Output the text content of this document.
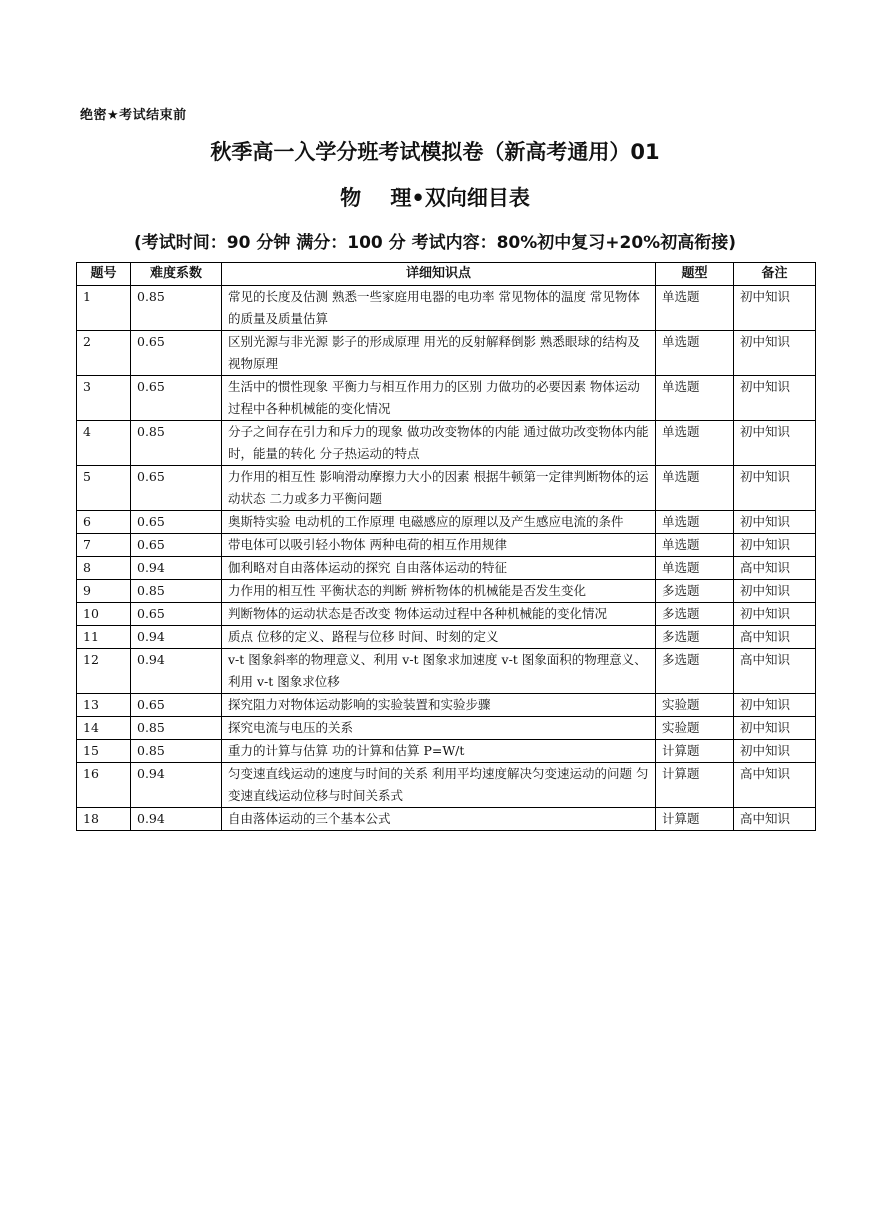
绝密★考试结束前
秋季高一入学分班考试模拟卷（新高考通用）01
物    理•双向细目表
(考试时间：90 分钟 满分：100 分 考试内容：80%初中复习+20%初高衔接)
题号	难度系数	详细知识点	题型	备注
1	0.85	常见的长度及估测 熟悉一些家庭用电器的电功率 常见物体的温度 常见物体的质量及质量估算	单选题	初中知识
2	0.65	区别光源与非光源 影子的形成原理 用光的反射解释倒影 熟悉眼球的结构及视物原理	单选题	初中知识
3	0.65	生活中的惯性现象 平衡力与相互作用力的区别 力做功的必要因素 物体运动过程中各种机械能的变化情况	单选题	初中知识
4	0.85	分子之间存在引力和斥力的现象 做功改变物体的内能 通过做功改变物体内能时，能量的转化 分子热运动的特点	单选题	初中知识
5	0.65	力作用的相互性 影响滑动摩擦力大小的因素 根据牛顿第一定律判断物体的运动状态 二力或多力平衡问题	单选题	初中知识
6	0.65	奥斯特实验 电动机的工作原理 电磁感应的原理以及产生感应电流的条件	单选题	初中知识
7	0.65	带电体可以吸引轻小物体 两种电荷的相互作用规律	单选题	初中知识
8	0.94	伽利略对自由落体运动的探究 自由落体运动的特征	单选题	高中知识
9	0.85	力作用的相互性 平衡状态的判断 辨析物体的机械能是否发生变化	多选题	初中知识
10	0.65	判断物体的运动状态是否改变 物体运动过程中各种机械能的变化情况	多选题	初中知识
11	0.94	质点 位移的定义、路程与位移 时间、时刻的定义	多选题	高中知识
12	0.94	v-t 图象斜率的物理意义、利用 v-t 图象求加速度 v-t 图象面积的物理意义、利用 v-t 图象求位移	多选题	高中知识
13	0.65	探究阻力对物体运动影响的实验装置和实验步骤	实验题	初中知识
14	0.85	探究电流与电压的关系	实验题	初中知识
15	0.85	重力的计算与估算 功的计算和估算 P=W/t	计算题	初中知识
16	0.94	匀变速直线运动的速度与时间的关系 利用平均速度解决匀变速运动的问题 匀变速直线运动位移与时间关系式	计算题	高中知识
18	0.94	自由落体运动的三个基本公式	计算题	高中知识
